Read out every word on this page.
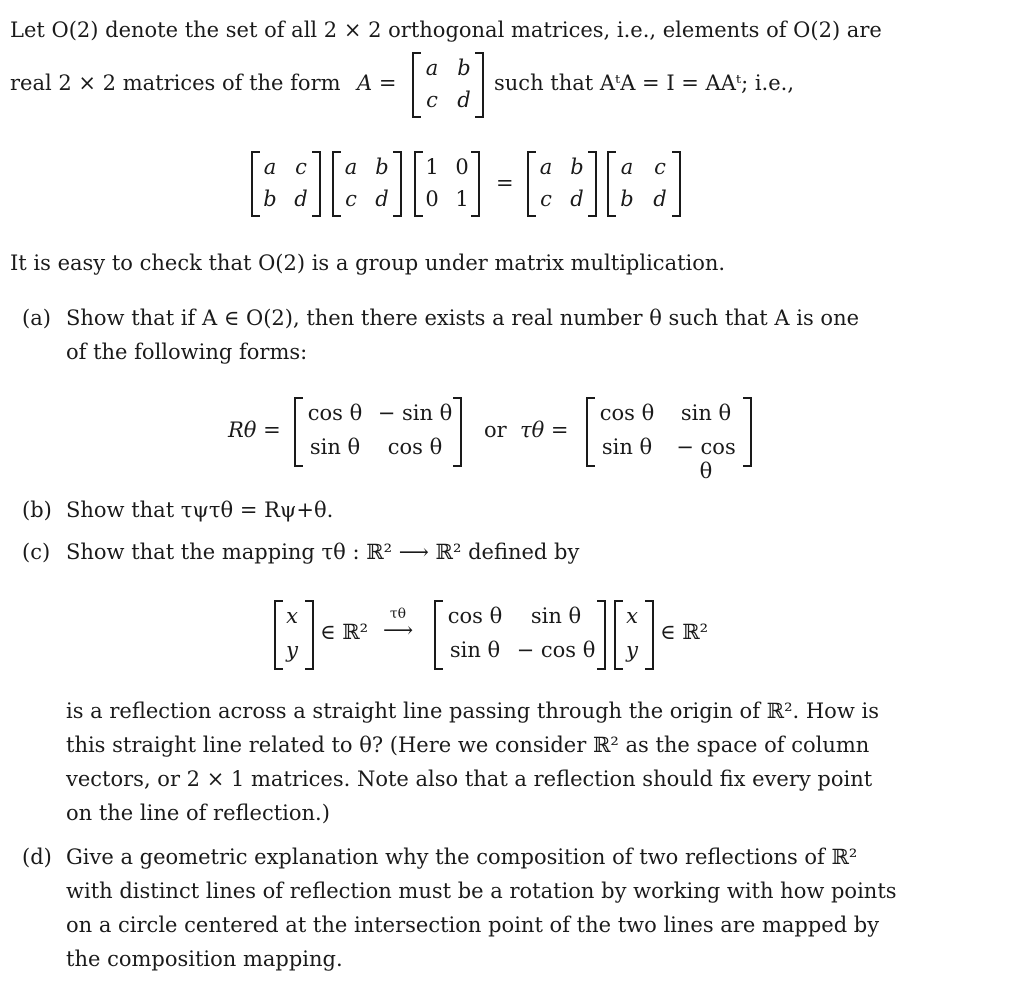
Let O(2) denote the set of all 2 × 2 orthogonal matrices, i.e., elements of O(2) are
real 2 × 2 matrices of the form A =
a b
c d
such that AᵗA = I = AAᵗ; i.e.,
a c
b d
a b
c d
1 0
0 1
=
a b
c d
a c
b d
It is easy to check that O(2) is a group under matrix multiplication.
(a) Show that if A ∈ O(2), then there exists a real number θ such that A is one
of the following forms:
Rθ =
cos θ − sin θ
sin θ	cos θ
or τθ =
cos θ	sin θ
sin θ	− cos θ
(b) Show that τψτθ = Rψ+θ.
(c) Show that the mapping τθ : ℝ² ⟶ ℝ² defined by
x
y
∈ ℝ²
τθ
⟶
cos θ	sin θ
sin θ − cos θ
x
y
∈ ℝ²
is a reflection across a straight line passing through the origin of ℝ². How is
this straight line related to θ? (Here we consider ℝ² as the space of column
vectors, or 2 × 1 matrices. Note also that a reflection should fix every point
on the line of reflection.)
(d) Give a geometric explanation why the composition of two reflections of ℝ²
with distinct lines of reflection must be a rotation by working with how points
on a circle centered at the intersection point of the two lines are mapped by
the composition mapping.
